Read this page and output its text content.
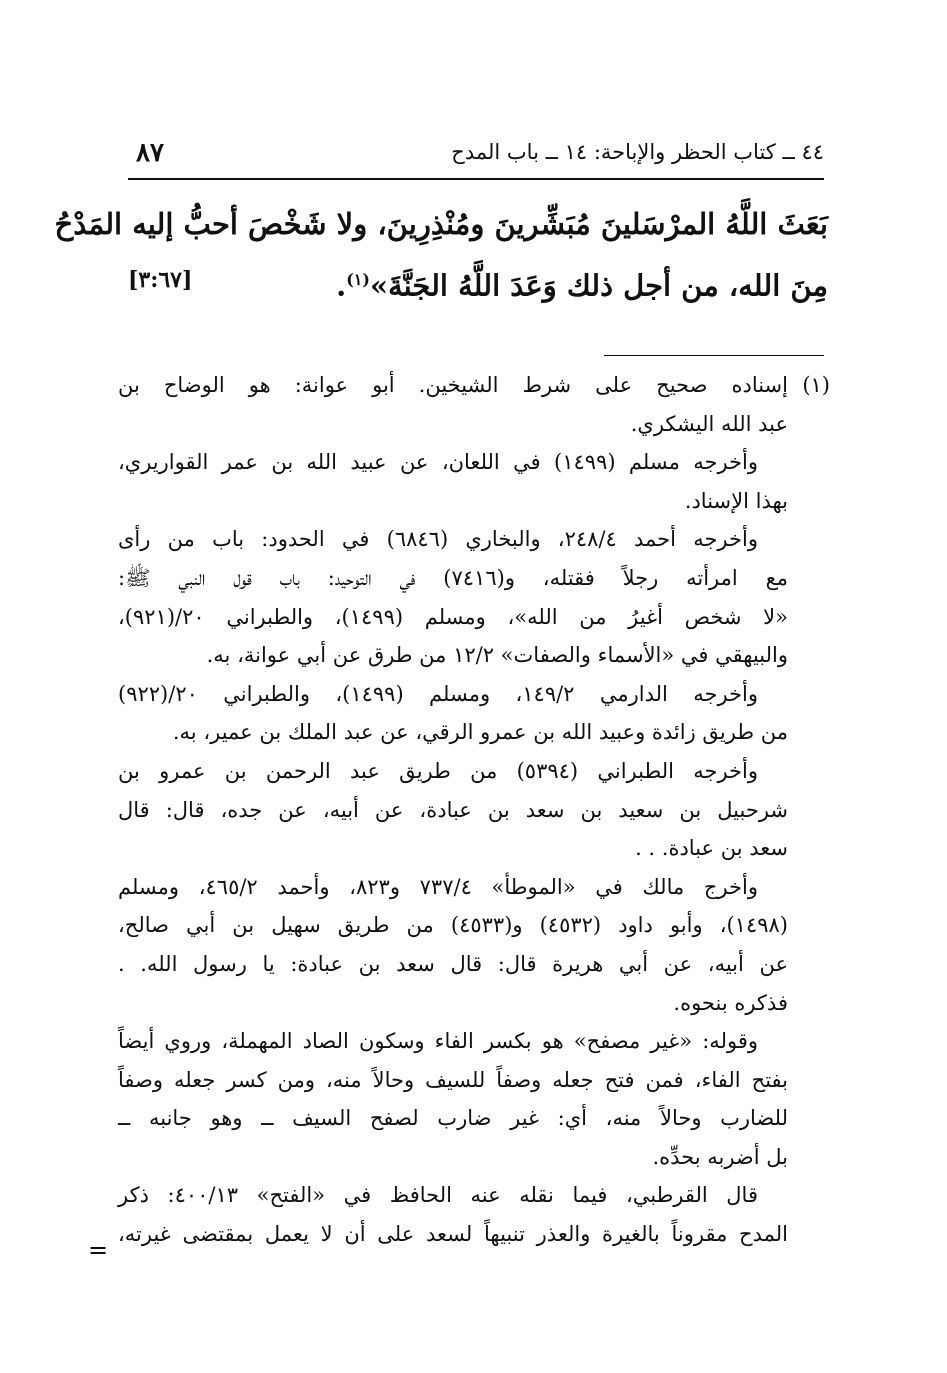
٤٤ ــ كتاب الحظر والإباحة: ١٤ ــ باب المدح
٨٧
بَعَثَ اللَّهُ المرْسَلينَ مُبَشِّرينَ ومُنْذِرِينَ، ولا شَخْصَ أحبُّ إليه المَدْحُ
مِنَ الله، من أجل ذلك وَعَدَ اللَّهُ الجَنَّةَ»$^{(١)}$.
[٣:٦٧]
(١)
إسناده صحيح على شرط الشيخين. أبو عوانة: هو الوضاح بن
عبد الله اليشكري.
وأخرجه مسلم (١٤٩٩) في اللعان، عن عبيد الله بن عمر القواريري،
بهذا الإسناد.
وأخرجه أحمد ٢٤٨/٤، والبخاري (٦٨٤٦) في الحدود: باب من رأى
مع امرأته رجلاً فقتله، و(٧٤١٦) في التوحيد: باب قول النبي ﷺ:
«لا شخص أغيرُ من الله»، ومسلم (١٤٩٩)، والطبراني ٢٠/(٩٢١)،
والبيهقي في «الأسماء والصفات» ١٢/٢ من طرق عن أبي عوانة، به.
وأخرجه الدارمي ١٤٩/٢، ومسلم (١٤٩٩)، والطبراني ٢٠/(٩٢٢)
من طريق زائدة وعبيد الله بن عمرو الرقي، عن عبد الملك بن عمير، به.
وأخرجه الطبراني (٥٣٩٤) من طريق عبد الرحمن بن عمرو بن
شرحبيل بن سعيد بن سعد بن عبادة، عن أبيه، عن جده، قال: قال
سعد بن عبادة. . .
وأخرج مالك في «الموطأ» ٧٣٧/٤ و٨٢٣، وأحمد ٤٦٥/٢، ومسلم
(١٤٩٨)، وأبو داود (٤٥٣٢) و(٤٥٣٣) من طريق سهيل بن أبي صالح،
عن أبيه، عن أبي هريرة قال: قال سعد بن عبادة: يا رسول الله. .
فذكره بنحوه.
وقوله: «غير مصفح» هو بكسر الفاء وسكون الصاد المهملة، وروي أيضاً
بفتح الفاء، فمن فتح جعله وصفاً للسيف وحالاً منه، ومن كسر جعله وصفاً
للضارب وحالاً منه، أي: غير ضارب لصفح السيف ــ وهو جانبه ــ
بل أضربه بحدِّه.
قال القرطبي، فيما نقله عنه الحافظ في «الفتح» ٤٠٠/١٣: ذكر
المدح مقروناً بالغيرة والعذر تنبيهاً لسعد على أن لا يعمل بمقتضى غيرته،
=
